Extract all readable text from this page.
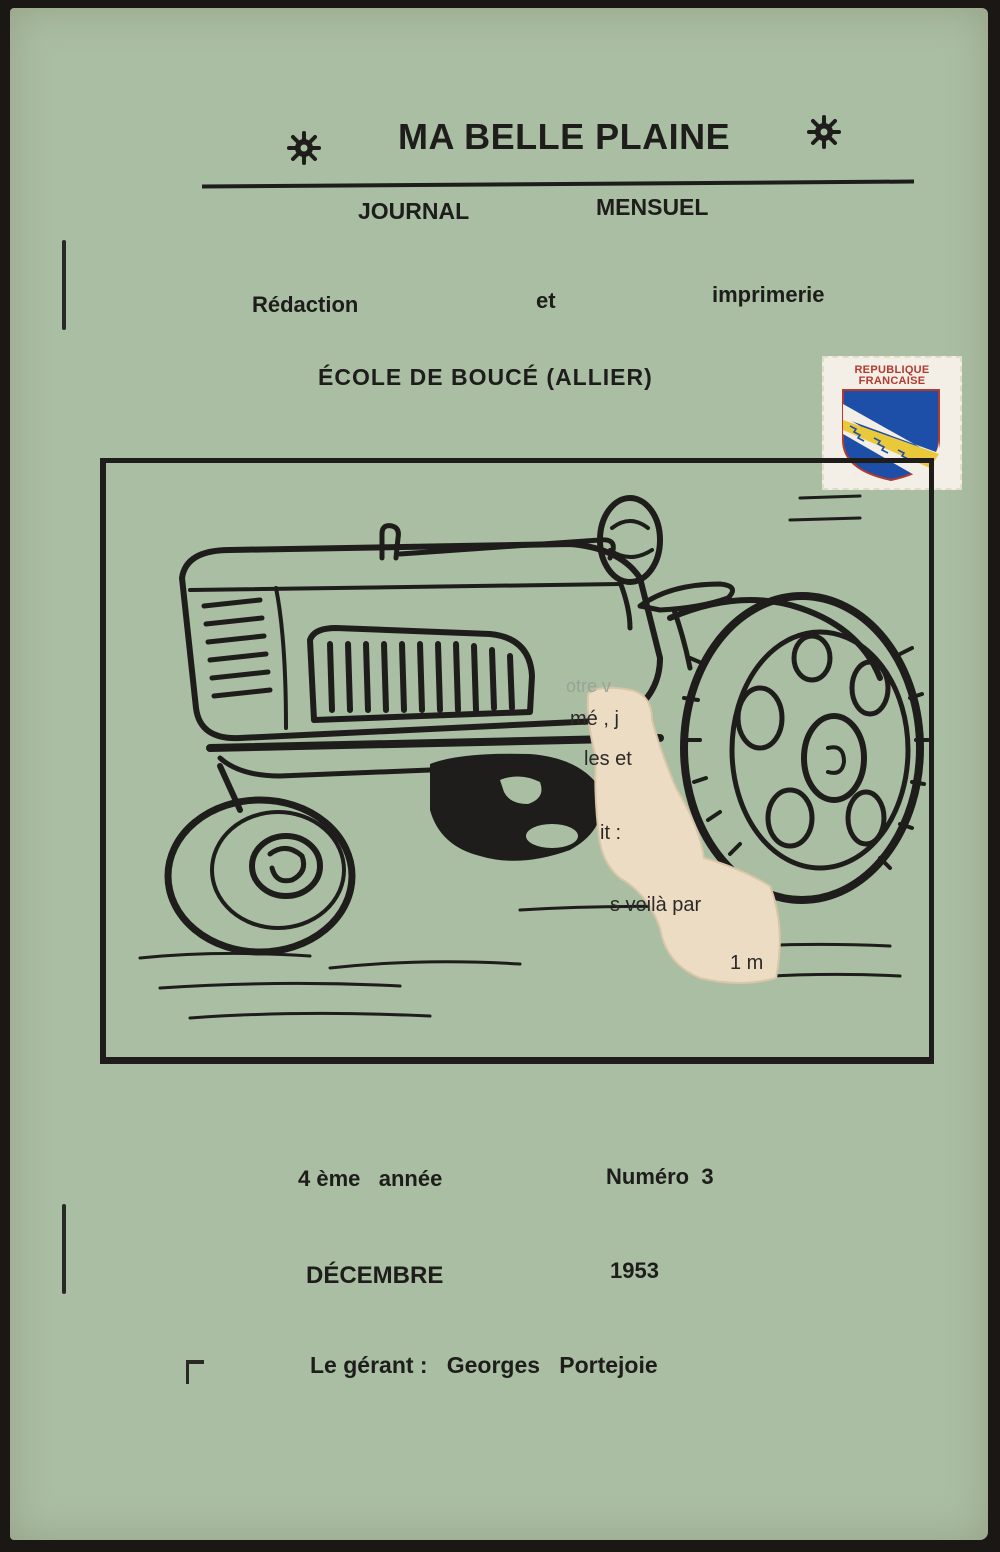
MA BELLE PLAINE
JOURNAL	MENSUEL
Rédaction	et	imprimerie
ÉCOLE DE BOUCÉ (ALLIER)	REPUBLIQUE
FRANCAISE
otre v
mé , j
les et
it :
s voilà par
1 m
4 ème   année	Numéro  3
DÉCEMBRE	1953
Le gérant :   Georges   Portejoie
